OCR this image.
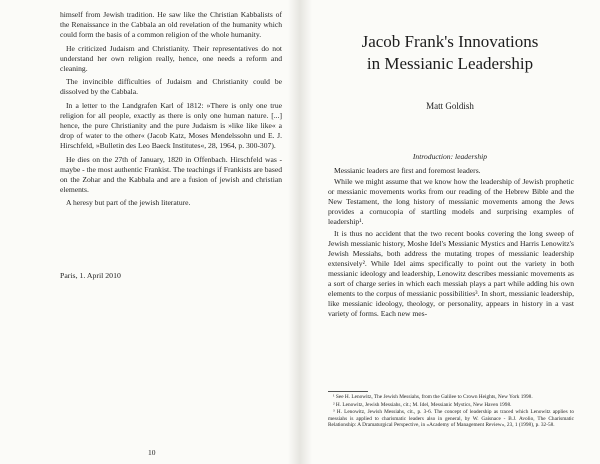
himself from Jewish tradition. He saw like the Christian Kabbalists of the Renaissance in the Cabbala an old revelation of the humanity which could form the basis of a common religion of the whole humanity.

He criticized Judaism and Christianity. Their representatives do not understand her own religion really, hence, one needs a reform and cleaning.

The invincible difficulties of Judaism and Christianity could be dissolved by the Cabbala.

In a letter to the Landgrafen Karl of 1812: »There is only one true religion for all people, exactly as there is only one human nature. [...] hence, the pure Christianity and the pure Judaism is »like like like« a drop of water to the other« (Jacob Katz, Moses Mendelssohn und E. J. Hirschfeld, »Bulletin des Leo Baeck Institutes«, 28, 1964, p. 300-307).

He dies on the 27th of January, 1820 in Offenbach. Hirschfeld was - maybe - the most authentic Frankist. The teachings if Frankists are based on the Zohar and the Kabbala and are a fusion of jewish and christian elements.

A heresy but part of the jewish literature.

Paris, 1. April 2010
10
Jacob Frank's Innovations
in Messianic Leadership
Matt Goldish
Introduction: leadership

Messianic leaders are first and foremost leaders.

While we might assume that we know how the leadership of Jewish prophetic or messianic movements works from our reading of the Hebrew Bible and the New Testament, the long history of messianic movements among the Jews provides a cornucopia of startling models and surprising examples of leadership¹.

It is thus no accident that the two recent books covering the long sweep of Jewish messianic history, Moshe Idel's Messianic Mystics and Harris Lenowitz's Jewish Messiahs, both address the mutating tropes of messianic leadership extensively². While Idel aims specifically to point out the variety in both messianic ideology and leadership, Lenowitz describes messianic movements as a sort of charge series in which each messiah plays a part while adding his own elements to the corpus of messianic possibilities³. In short, messianic leadership, like messianic ideology, theology, or personality, appears in history in a vast variety of forms. Each new mes-

¹ See H. Lenowitz, The Jewish Messiahs, from the Galilee to Crown Heights, New York 1998.

² H. Lenowitz, Jewish Messiahs, cit.; M. Idel, Messianic Mystics, New Haven 1998.

³ H. Lenowitz, Jewish Messiahs, cit., p. 3-6. The concept of leadership as traced which Lenowitz applies to messiahs is applied to charismatic leaders also in general, by W. Gaisnace - B.J. Avolio, The Charismatic Relationship: A Dramaturgical Perspective, in »Academy of Management Review«, 23, 1 (1998), p. 32-58.
